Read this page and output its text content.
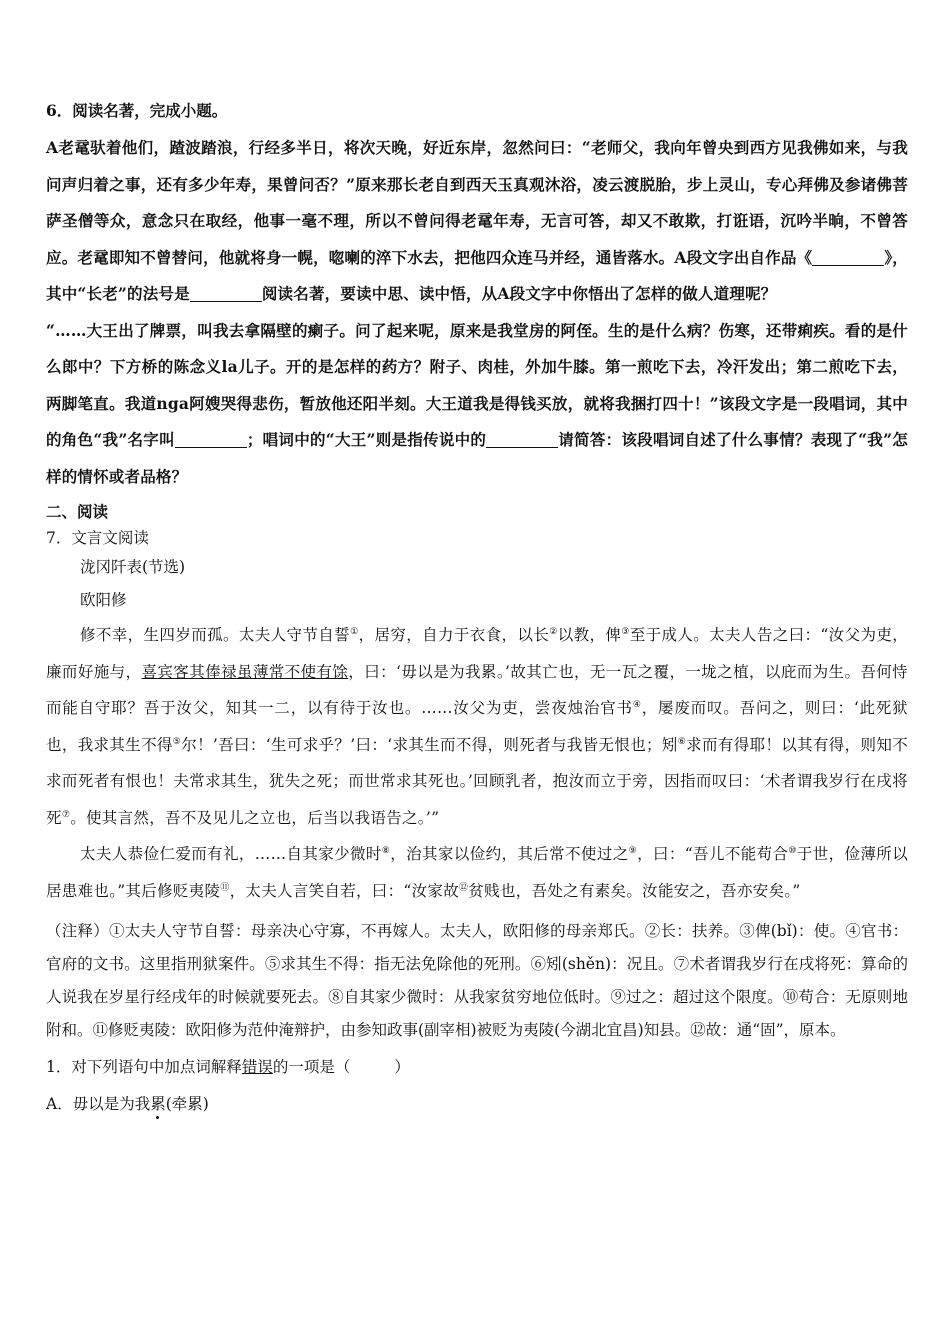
6．阅读名著，完成小题。

A老鼋驮着他们，蹅波踏浪，行经多半日，将次天晚，好近东岸，忽然问曰：“老师父，我向年曾央到西方见我佛如来，与我问声归着之事，还有多少年寿，果曾问否？”原来那长老自到西天玉真观沐浴，凌云渡脱胎，步上灵山，专心拜佛及参诸佛菩萨圣僧等众，意念只在取经，他事一毫不理，所以不曾问得老鼋年寿，无言可答，却又不敢欺，打诳语，沉吟半晌，不曾答应。老鼋即知不曾替问，他就将身一幌，唿喇的淬下水去，把他四众连马并经，通皆落水。A段文字出自作品《	》，其中“长老”的法号是	阅读名著，要读中思、读中悟，从A段文字中你悟出了怎样的做人道理呢？

“……大王出了牌票，叫我去拿隔壁的瘌子。问了起来呢，原来是我堂房的阿侄。生的是什么病？伤寒，还带痢疾。看的是什么郎中？下方桥的陈念义la儿子。开的是怎样的药方？附子、肉桂，外加牛膝。第一煎吃下去，冷汗发出；第二煎吃下去，两脚笔直。我道nga阿嫂哭得悲伤，暂放他还阳半刻。大王道我是得钱买放，就将我捆打四十！”该段文字是一段唱词，其中的角色“我”名字叫	；唱词中的“大王”则是指传说中的	请简答：该段唱词自述了什么事情？表现了“我”怎样的情怀或者品格？

二、阅读

7．文言文阅读

泷冈阡表(节选)

欧阳修

修不幸，生四岁而孤。太夫人守节自誓①，居穷，自力于衣食，以长②以教，俾③至于成人。太夫人告之曰：“汝父为吏，廉而好施与，喜宾客其俸禄虽薄常不使有馀，曰：‘毋以是为我累。’故其亡也，无一瓦之覆，一垅之植，以庇而为生。吾何恃而能自守耶？吾于汝父，知其一二，以有待于汝也。……汝父为吏，尝夜烛治官书④，屡废而叹。吾问之，则曰：‘此死狱也，我求其生不得⑤尔！’吾曰：‘生可求乎？’曰：‘求其生而不得，则死者与我皆无恨也；矧⑥求而有得耶！以其有得，则知不求而死者有恨也！夫常求其生，犹失之死；而世常求其死也。’回顾乳者，抱汝而立于旁，因指而叹曰：‘术者谓我岁行在戌将死⑦。使其言然，吾不及见儿之立也，后当以我语告之。’”

太夫人恭俭仁爱而有礼，……自其家少微时⑧，治其家以俭约，其后常不使过之⑨，曰：“吾儿不能苟合⑩于世，俭薄所以居患难也。”其后修贬夷陵⑪，太夫人言笑自若，曰：“汝家故⑫贫贱也，吾处之有素矣。汝能安之，吾亦安矣。”

（注释）①太夫人守节自誓：母亲决心守寡，不再嫁人。太夫人，欧阳修的母亲郑氏。②长：扶养。③俾(bǐ)：使。④官书：官府的文书。这里指刑狱案件。⑤求其生不得：指无法免除他的死刑。⑥矧(shěn)：况且。⑦术者谓我岁行在戌将死：算命的人说我在岁星行经戌年的时候就要死去。⑧自其家少微时：从我家贫穷地位低时。⑨过之：超过这个限度。⑩苟合：无原则地附和。⑪修贬夷陵：欧阳修为范仲淹辩护，由参知政事(副宰相)被贬为夷陵(今湖北宜昌)知县。⑫故：通“固”，原本。

1．对下列语句中加点词解释错误的一项是（	）

A．毋以是为我累(牵累)
